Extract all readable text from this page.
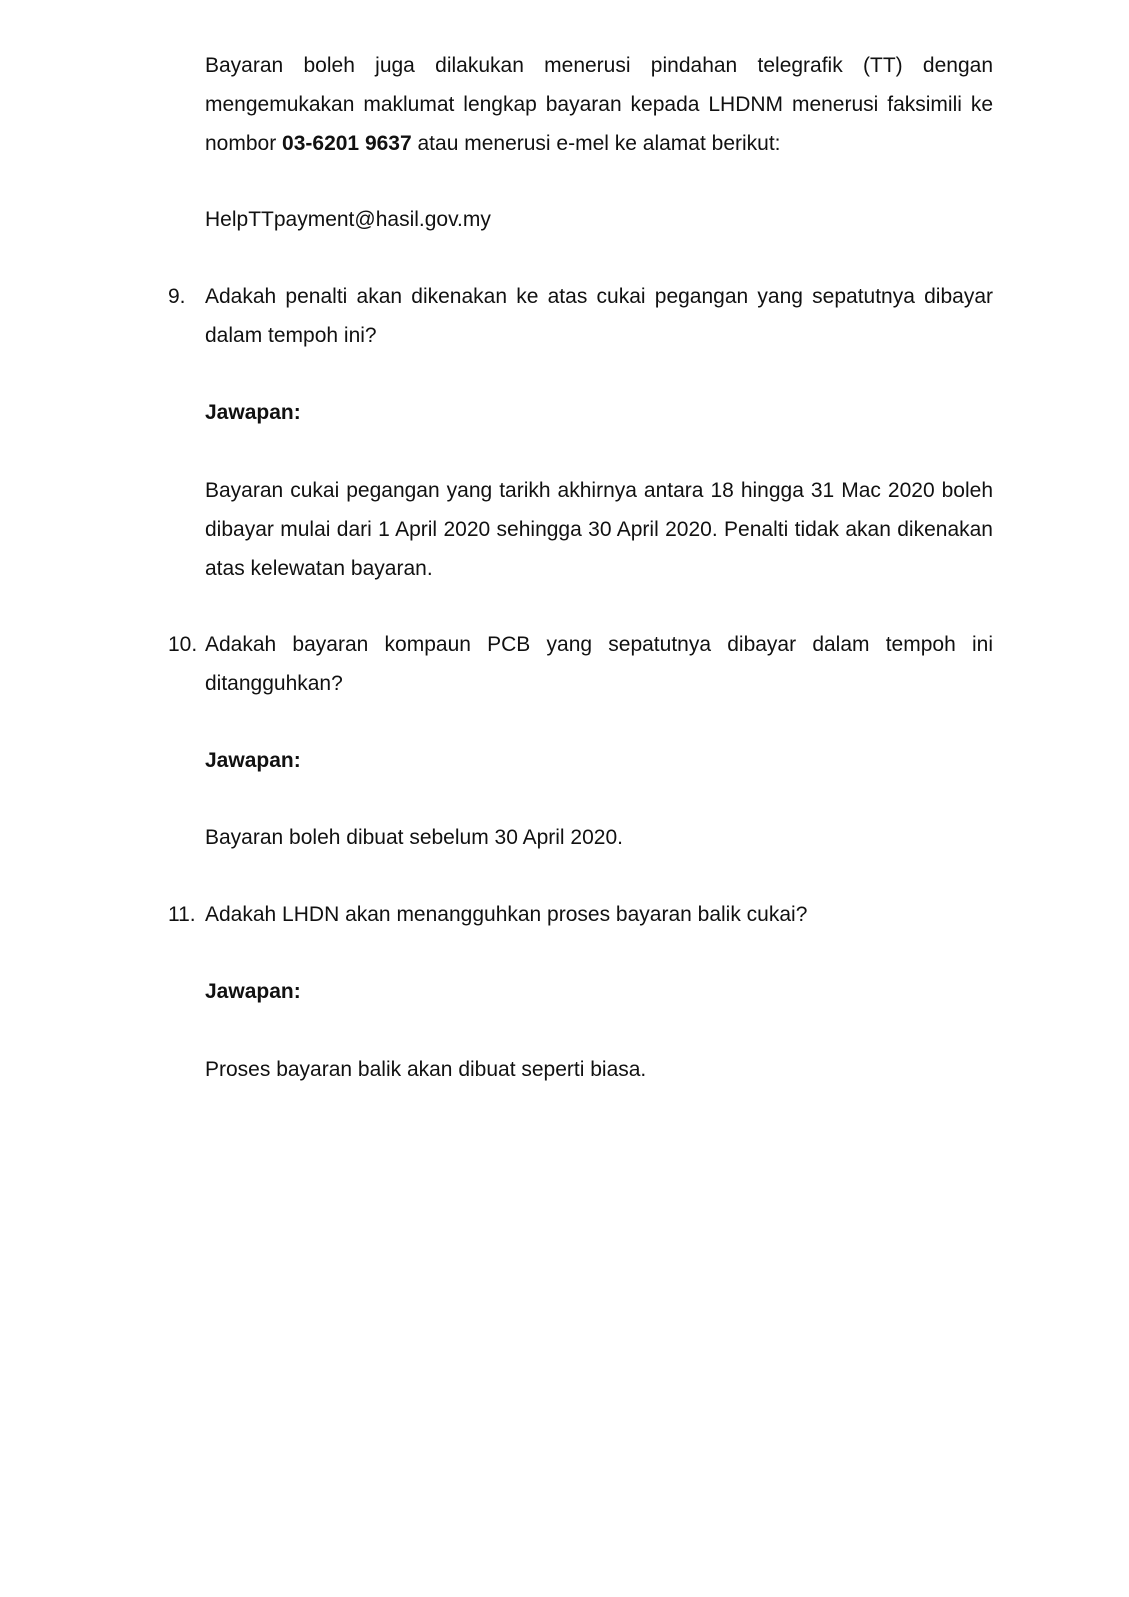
Bayaran boleh juga dilakukan menerusi pindahan telegrafik (TT) dengan mengemukakan maklumat lengkap bayaran kepada LHDNM menerusi faksimili ke nombor 03-6201 9637 atau menerusi e-mel ke alamat berikut:

HelpTTpayment@hasil.gov.my

9. Adakah penalti akan dikenakan ke atas cukai pegangan yang sepatutnya dibayar dalam tempoh ini?

Jawapan:

Bayaran cukai pegangan yang tarikh akhirnya antara 18 hingga 31 Mac 2020 boleh dibayar mulai dari 1 April 2020 sehingga 30 April 2020. Penalti tidak akan dikenakan atas kelewatan bayaran.

10. Adakah bayaran kompaun PCB yang sepatutnya dibayar dalam tempoh ini ditangguhkan?

Jawapan:

Bayaran boleh dibuat sebelum 30 April 2020.

11. Adakah LHDN akan menangguhkan proses bayaran balik cukai?

Jawapan:

Proses bayaran balik akan dibuat seperti biasa.
